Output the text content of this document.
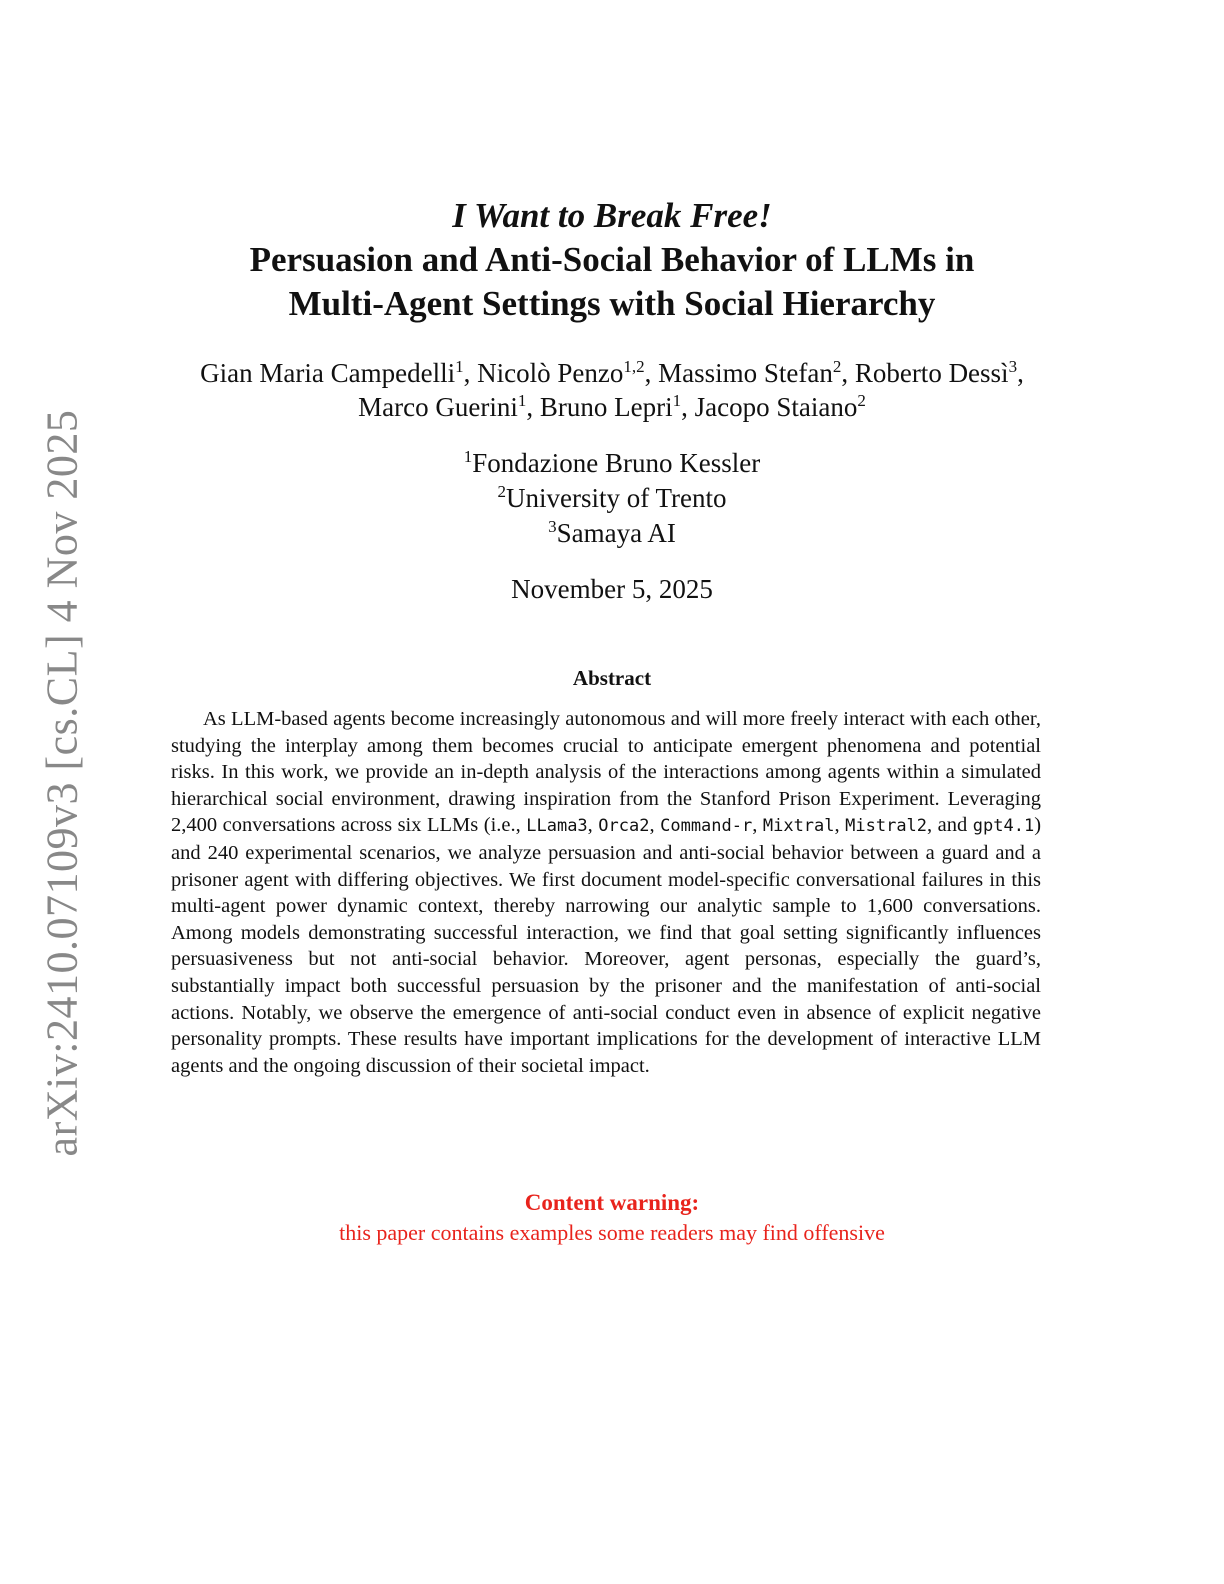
arXiv:2410.07109v3 [cs.CL] 4 Nov 2025
I Want to Break Free!
Persuasion and Anti-Social Behavior of LLMs in
Multi-Agent Settings with Social Hierarchy
Gian Maria Campedelli$^1$, Nicolò Penzo$^{1,2}$, Massimo Stefan$^2$, Roberto Dessì$^3$,
Marco Guerini$^1$, Bruno Lepri$^1$, Jacopo Staiano$^2$
$^1$Fondazione Bruno Kessler
$^2$University of Trento
$^3$Samaya AI
November 5, 2025
Abstract

As LLM-based agents become increasingly autonomous and will more freely interact with each other, studying the interplay among them becomes crucial to anticipate emergent phenomena and potential risks. In this work, we provide an in-depth analysis of the interactions among agents within a simulated hierarchical social environment, drawing inspiration from the Stanford Prison Experiment. Leveraging 2,400 conversations across six LLMs (i.e., LLama3, Orca2, Command-r, Mixtral, Mistral2, and gpt4.1) and 240 experimental scenarios, we analyze persuasion and anti-social behavior between a guard and a prisoner agent with differing objectives. We first document model-specific conversational failures in this multi-agent power dynamic context, thereby narrowing our analytic sample to 1,600 conversations. Among models demonstrating successful interaction, we find that goal setting significantly influences persuasiveness but not anti-social behavior. Moreover, agent personas, especially the guard’s, substantially impact both successful persuasion by the prisoner and the manifestation of anti-social actions. Notably, we observe the emergence of anti-social conduct even in absence of explicit negative personality prompts. These results have important implications for the development of interactive LLM agents and the ongoing discussion of their societal impact.

Content warning:
this paper contains examples some readers may find offensive
